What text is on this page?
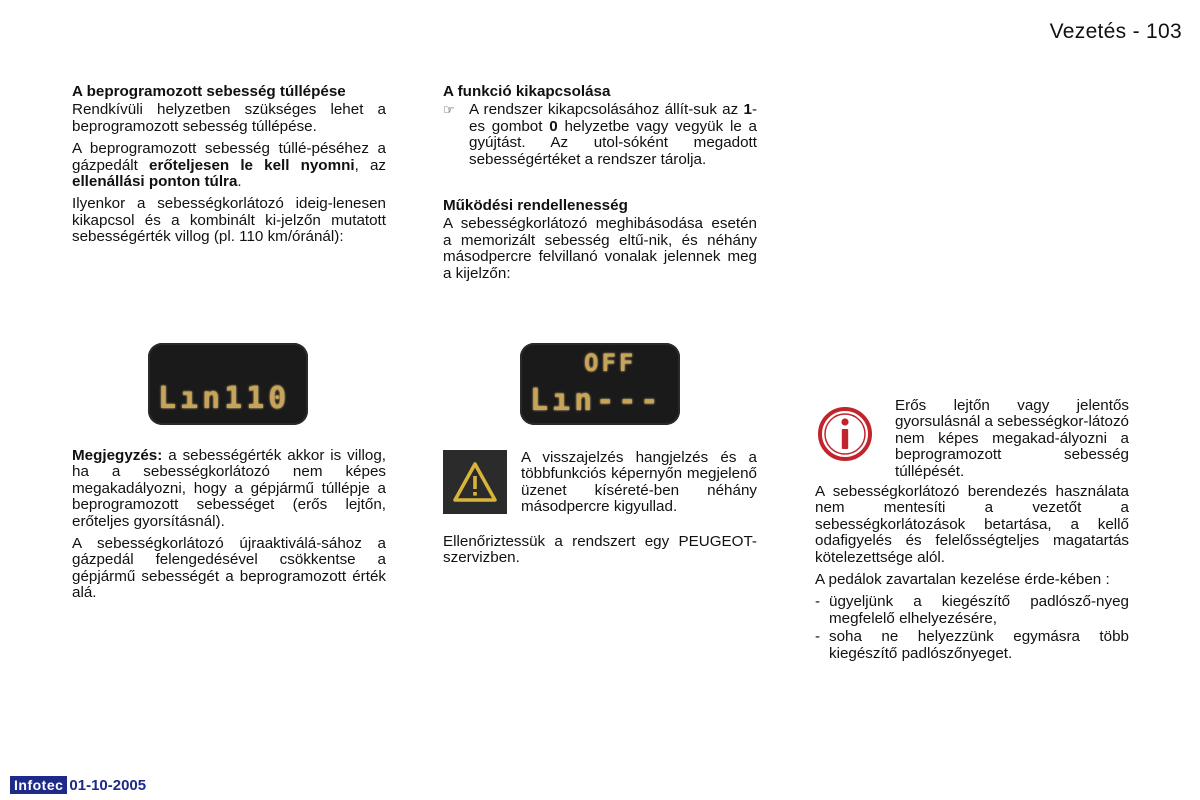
Vezetés - 103
A beprogramozott sebesség túllépése

Rendkívüli helyzetben szükséges lehet a beprogramozott sebesség túllépése.

A beprogramozott sebesség túllé-péséhez a gázpedált erőteljesen le kell nyomni, az ellenállási ponton túlra.

Ilyenkor a sebességkorlátozó ideig-lenesen kikapcsol és a kombinált ki-jelzőn mutatott sebességérték villog (pl. 110 km/óránál):

Lın110

Megjegyzés: a sebességérték akkor is villog, ha a sebességkorlátozó nem képes megakadályozni, hogy a gépjármű túllépje a beprogramozott sebességet (erős lejtőn, erőteljes gyorsításnál).

A sebességkorlátozó újraaktiválá-sához a gázpedál felengedésével csökkentse a gépjármű sebességét a beprogramozott érték alá.

A funkció kikapcsolása
☞ A rendszer kikapcsolásához állít-suk az 1-es gombot 0 helyzetbe vagy vegyük le a gyújtást. Az utol-sóként megadott sebességértéket a rendszer tárolja.

Működési rendellenesség

A sebességkorlátozó meghibásodása esetén a memorizált sebesség eltű-nik, és néhány másodpercre felvillanó vonalak jelennek meg a kijelzőn:

OFF
Lın---

A visszajelzés hangjelzés és a többfunkciós képernyőn megjelenő üzenet kíséreté-ben néhány másodpercre kigyullad.

Ellenőriztessük a rendszert egy PEUGEOT-szervizben.

Erős lejtőn vagy jelentős gyorsulásnál a sebességkor-látozó nem képes megakad-ályozni a beprogramozott sebesség túllépését.

A sebességkorlátozó berendezés használata nem mentesíti a vezetőt a sebességkorlátozások betartása, a kellő odafigyelés és felelősségteljes magatartás kötelezettsége alól.

A pedálok zavartalan kezelése érde-kében :

- ügyeljünk a kiegészítő padlósző-nyeg megfelelő elhelyezésére,
- soha ne helyezzünk egymásra több kiegészítő padlószőnyeget.
Infotec 01-10-2005
